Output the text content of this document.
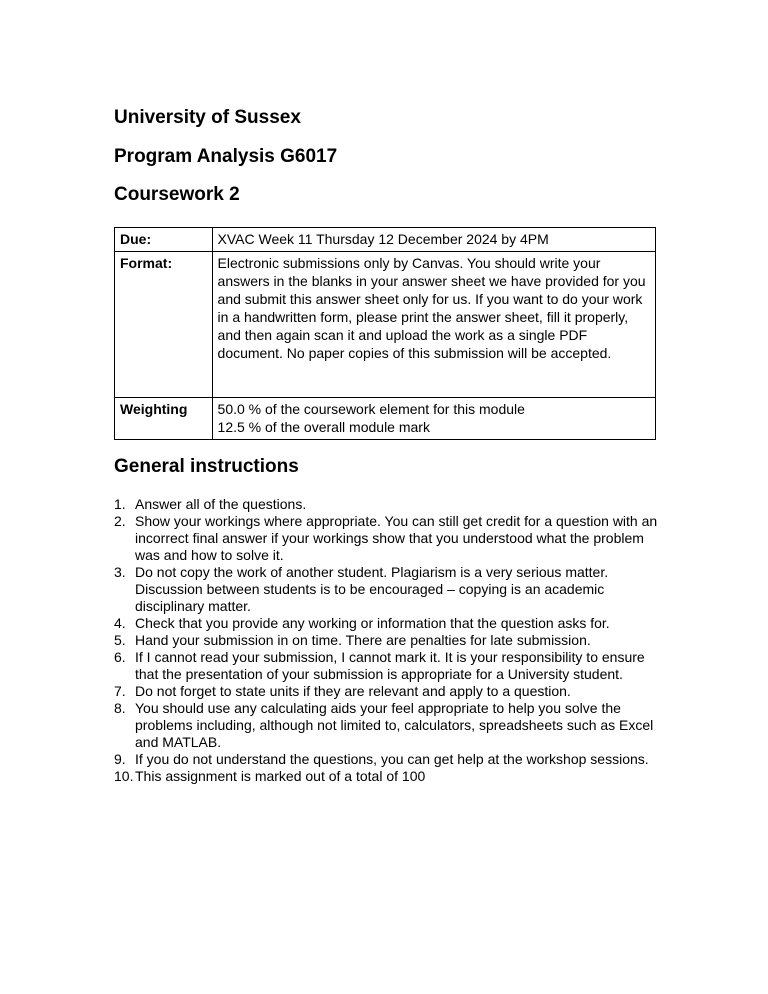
University of Sussex
Program Analysis G6017
Coursework 2
Due:	XVAC Week 11 Thursday 12 December 2024 by 4PM
Format:	Electronic submissions only by Canvas. You should write your answers in the blanks in your answer sheet we have provided for you and submit this answer sheet only for us. If you want to do your work in a handwritten form, please print the answer sheet, fill it properly, and then again scan it and upload the work as a single PDF document. No paper copies of this submission will be accepted.
Weighting	50.0 % of the coursework element for this module
12.5 % of the overall module mark
General instructions
1. Answer all of the questions.
2. Show your workings where appropriate. You can still get credit for a question with an incorrect final answer if your workings show that you understood what the problem was and how to solve it.
3. Do not copy the work of another student. Plagiarism is a very serious matter. Discussion between students is to be encouraged – copying is an academic disciplinary matter.
4. Check that you provide any working or information that the question asks for.
5. Hand your submission in on time. There are penalties for late submission.
6. If I cannot read your submission, I cannot mark it. It is your responsibility to ensure that the presentation of your submission is appropriate for a University student.
7. Do not forget to state units if they are relevant and apply to a question.
8. You should use any calculating aids your feel appropriate to help you solve the problems including, although not limited to, calculators, spreadsheets such as Excel and MATLAB.
9. If you do not understand the questions, you can get help at the workshop sessions.
10. This assignment is marked out of a total of 100
